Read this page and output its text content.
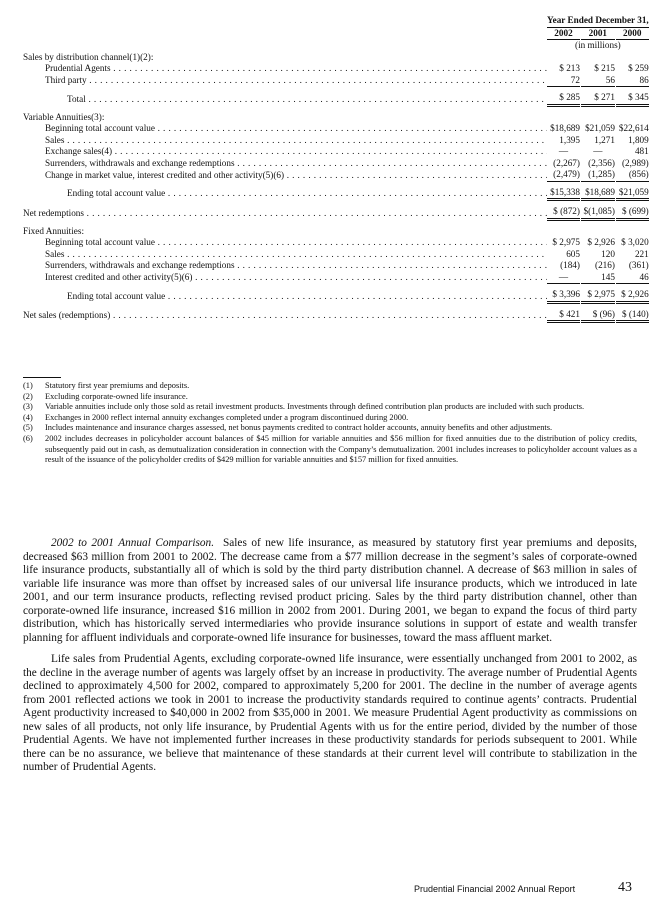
		Year Ended December 31,		
		2002		2001		2000
		(in millions)		
Sales by distribution channel(1)(2):			

Prudential Agents . . .		$ 213		$ 215		$ 259

Third party . . .		72		56		86

Total . . .		$ 285		$ 271		$ 345

Variable Annuities(3):			

Beginning total account value . . .		$18,689		$21,059		$22,614

Sales . . .		1,395		1,271		1,809

Exchange sales(4) . . .		—		—		481

Surrenders, withdrawals and exchange redemptions . . .		(2,267)		(2,356)		(2,989)

Change in market value, interest credited and other activity(5)(6) . . .		(2,479)		(1,285)		(856)

Ending total account value . . .		$15,338		$18,689		$21,059

Net redemptions . . .		$ (872)		$(1,085)		$ (699)

Fixed Annuities:			

Beginning total account value . . .		$ 2,975		$ 2,926		$ 3,020

Sales . . .		605		120		221

Surrenders, withdrawals and exchange redemptions . . .		(184)		(216)		(361)

Interest credited and other activity(5)(6) . . .		—		145		46

Ending total account value . . .		$ 3,396		$ 2,975		$ 2,926

Net sales (redemptions) . . .		$ 421		$ (96)		$ (140)
(1)	Statutory first year premiums and deposits.
(2)	Excluding corporate-owned life insurance.
(3)	Variable annuities include only those sold as retail investment products. Investments through defined contribution plan products are included with such products.
(4)	Exchanges in 2000 reflect internal annuity exchanges completed under a program discontinued during 2000.
(5)	Includes maintenance and insurance charges assessed, net bonus payments credited to contract holder accounts, annuity benefits and other adjustments.
(6)	2002 includes decreases in policyholder account balances of $45 million for variable annuities and $56 million for fixed annuities due to the distribution of policy credits, subsequently paid out in cash, as demutualization consideration in connection with the Company’s demutualization. 2001 includes increases to policyholder account values as a result of the issuance of the policyholder credits of $429 million for variable annuities and $157 million for fixed annuities.

2002 to 2001 Annual Comparison. Sales of new life insurance, as measured by statutory first year premiums and deposits, decreased $63 million from 2001 to 2002. The decrease came from a $77 million decrease in the segment’s sales of corporate-owned life insurance products, substantially all of which is sold by the third party distribution channel. A decrease of $63 million in sales of variable life insurance was more than offset by increased sales of our universal life insurance products, which we introduced in late 2001, and our term insurance products, reflecting revised product pricing. Sales by the third party distribution channel, other than corporate-owned life insurance, increased $16 million in 2002 from 2001. During 2001, we began to expand the focus of third party distribution, which has historically served intermediaries who provide insurance solutions in support of estate and wealth transfer planning for affluent individuals and corporate-owned life insurance for businesses, toward the mass affluent market.

Life sales from Prudential Agents, excluding corporate-owned life insurance, were essentially unchanged from 2001 to 2002, as the decline in the average number of agents was largely offset by an increase in productivity. The average number of Prudential Agents declined to approximately 4,500 for 2002, compared to approximately 5,200 for 2001. The decline in the number of average agents from 2001 reflected actions we took in 2001 to increase the productivity standards required to continue agents’ contracts. Prudential Agent productivity increased to $40,000 in 2002 from $35,000 in 2001. We measure Prudential Agent productivity as commissions on new sales of all products, not only life insurance, by Prudential Agents with us for the entire period, divided by the number of those Prudential Agents. We have not implemented further increases in these productivity standards for periods subsequent to 2001. While there can be no assurance, we believe that maintenance of these standards at their current level will contribute to stabilization in the number of Prudential Agents.

Prudential Financial 2002 Annual Report	43
